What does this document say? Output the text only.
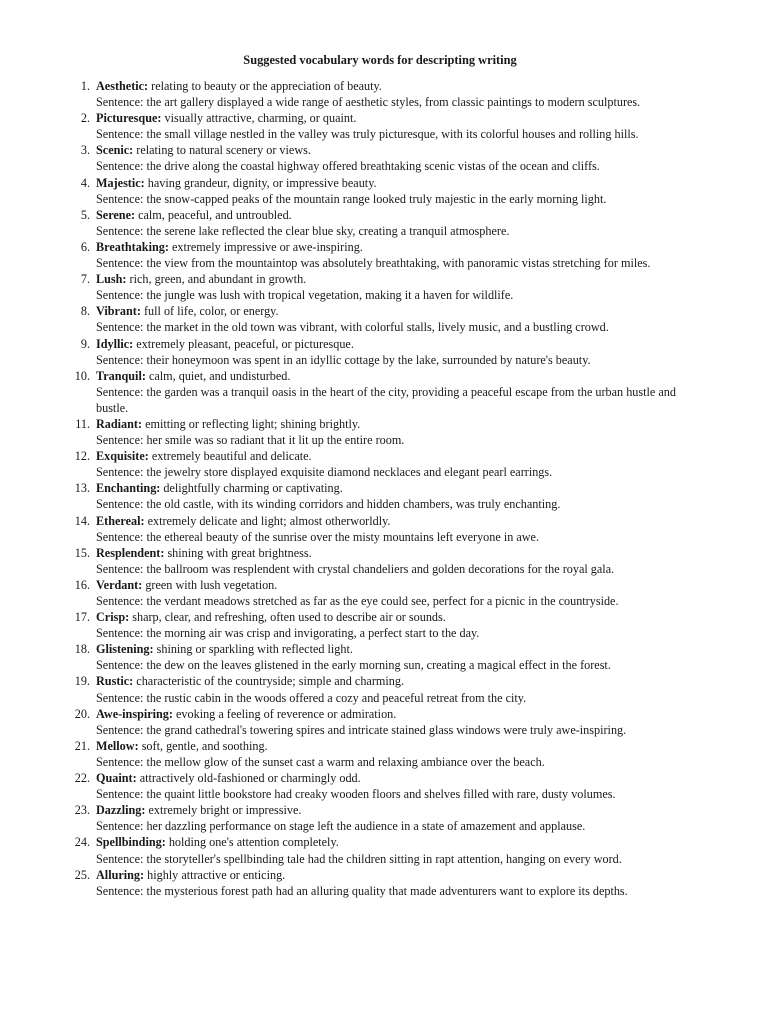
Suggested vocabulary words for descripting writing
1. Aesthetic: relating to beauty or the appreciation of beauty.
Sentence: the art gallery displayed a wide range of aesthetic styles, from classic paintings to modern sculptures.
2. Picturesque: visually attractive, charming, or quaint.
Sentence: the small village nestled in the valley was truly picturesque, with its colorful houses and rolling hills.
3. Scenic: relating to natural scenery or views.
Sentence: the drive along the coastal highway offered breathtaking scenic vistas of the ocean and cliffs.
4. Majestic: having grandeur, dignity, or impressive beauty.
Sentence: the snow-capped peaks of the mountain range looked truly majestic in the early morning light.
5. Serene: calm, peaceful, and untroubled.
Sentence: the serene lake reflected the clear blue sky, creating a tranquil atmosphere.
6. Breathtaking: extremely impressive or awe-inspiring.
Sentence: the view from the mountaintop was absolutely breathtaking, with panoramic vistas stretching for miles.
7. Lush: rich, green, and abundant in growth.
Sentence: the jungle was lush with tropical vegetation, making it a haven for wildlife.
8. Vibrant: full of life, color, or energy.
Sentence: the market in the old town was vibrant, with colorful stalls, lively music, and a bustling crowd.
9. Idyllic: extremely pleasant, peaceful, or picturesque.
Sentence: their honeymoon was spent in an idyllic cottage by the lake, surrounded by nature's beauty.
10. Tranquil: calm, quiet, and undisturbed.
Sentence: the garden was a tranquil oasis in the heart of the city, providing a peaceful escape from the urban hustle and bustle.
11. Radiant: emitting or reflecting light; shining brightly.
Sentence: her smile was so radiant that it lit up the entire room.
12. Exquisite: extremely beautiful and delicate.
Sentence: the jewelry store displayed exquisite diamond necklaces and elegant pearl earrings.
13. Enchanting: delightfully charming or captivating.
Sentence: the old castle, with its winding corridors and hidden chambers, was truly enchanting.
14. Ethereal: extremely delicate and light; almost otherworldly.
Sentence: the ethereal beauty of the sunrise over the misty mountains left everyone in awe.
15. Resplendent: shining with great brightness.
Sentence: the ballroom was resplendent with crystal chandeliers and golden decorations for the royal gala.
16. Verdant: green with lush vegetation.
Sentence: the verdant meadows stretched as far as the eye could see, perfect for a picnic in the countryside.
17. Crisp: sharp, clear, and refreshing, often used to describe air or sounds.
Sentence: the morning air was crisp and invigorating, a perfect start to the day.
18. Glistening: shining or sparkling with reflected light.
Sentence: the dew on the leaves glistened in the early morning sun, creating a magical effect in the forest.
19. Rustic: characteristic of the countryside; simple and charming.
Sentence: the rustic cabin in the woods offered a cozy and peaceful retreat from the city.
20. Awe-inspiring: evoking a feeling of reverence or admiration.
Sentence: the grand cathedral's towering spires and intricate stained glass windows were truly awe-inspiring.
21. Mellow: soft, gentle, and soothing.
Sentence: the mellow glow of the sunset cast a warm and relaxing ambiance over the beach.
22. Quaint: attractively old-fashioned or charmingly odd.
Sentence: the quaint little bookstore had creaky wooden floors and shelves filled with rare, dusty volumes.
23. Dazzling: extremely bright or impressive.
Sentence: her dazzling performance on stage left the audience in a state of amazement and applause.
24. Spellbinding: holding one's attention completely.
Sentence: the storyteller's spellbinding tale had the children sitting in rapt attention, hanging on every word.
25. Alluring: highly attractive or enticing.
Sentence: the mysterious forest path had an alluring quality that made adventurers want to explore its depths.
